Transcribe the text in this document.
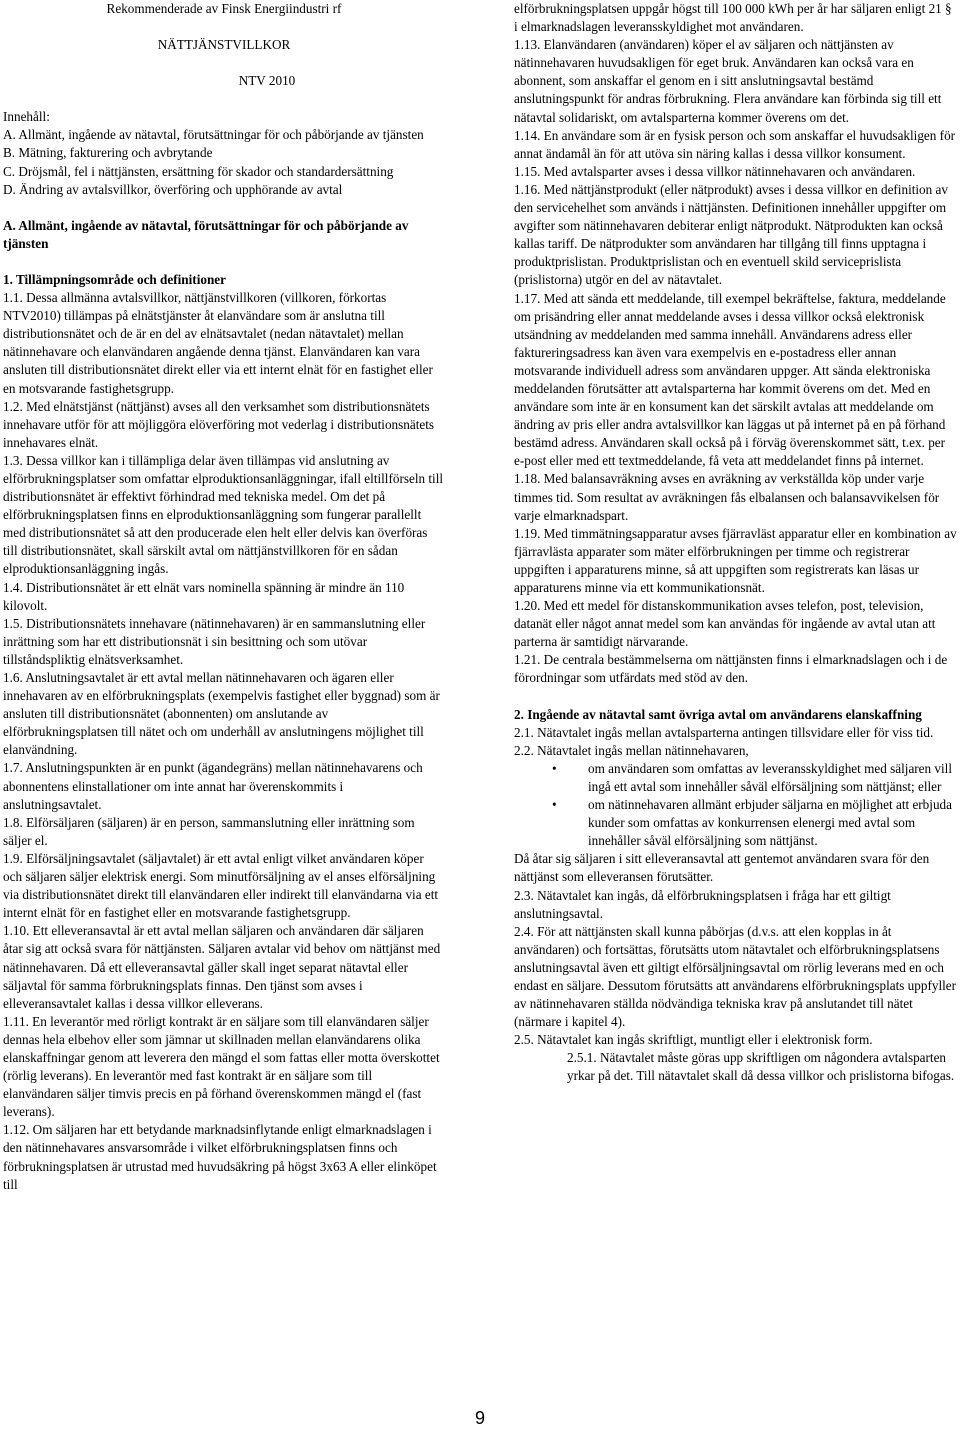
Rekommenderade av Finsk Energiindustri rf

NÄTTJÄNSTVILLKOR

NTV 2010

Innehåll:

A. Allmänt, ingående av nätavtal, förutsättningar för och påbörjande av tjänsten

B. Mätning, fakturering och avbrytande

C. Dröjsmål, fel i nättjänsten, ersättning för skador och standardersättning

D. Ändring av avtalsvillkor, överföring och upphörande av avtal

A. Allmänt, ingående av nätavtal, förutsättningar för och påbörjande av tjänsten

1. Tillämpningsområde och definitioner

1.1. Dessa allmänna avtalsvillkor, nättjänstvillkoren (villkoren, förkortas NTV2010) tillämpas på elnätstjänster åt elanvändare som är anslutna till distributionsnätet och de är en del av elnätsavtalet (nedan nätavtalet) mellan nätinnehavare och elanvändaren angående denna tjänst. Elanvändaren kan vara ansluten till distributionsnätet direkt eller via ett internt elnät för en fastighet eller en motsvarande fastighetsgrupp.

1.2. Med elnätstjänst (nättjänst) avses all den verksamhet som distributionsnätets innehavare utför för att möjliggöra elöverföring mot vederlag i distributionsnätets innehavares elnät.

1.3. Dessa villkor kan i tillämpliga delar även tillämpas vid anslutning av elförbrukningsplatser som omfattar elproduktionsanläggningar, ifall eltillförseln till distributionsnätet är effektivt förhindrad med tekniska medel. Om det på elförbrukningsplatsen finns en elproduktionsanläggning som fungerar parallellt med distributionsnätet så att den producerade elen helt eller delvis kan överföras till distributionsnätet, skall särskilt avtal om nättjänstvillkoren för en sådan elproduktionsanläggning ingås.

1.4. Distributionsnätet är ett elnät vars nominella spänning är mindre än 110 kilovolt.

1.5. Distributionsnätets innehavare (nätinnehavaren) är en sammanslutning eller inrättning som har ett distributionsnät i sin besittning och som utövar tillståndspliktig elnätsverksamhet.

1.6. Anslutningsavtalet är ett avtal mellan nätinnehavaren och ägaren eller innehavaren av en elförbrukningsplats (exempelvis fastighet eller byggnad) som är ansluten till distributionsnätet (abonnenten) om anslutande av elförbrukningsplatsen till nätet och om underhåll av anslutningens möjlighet till elanvändning.

1.7. Anslutningspunkten är en punkt (ägandegräns) mellan nätinnehavarens och abonnentens elinstallationer om inte annat har överenskommits i anslutningsavtalet.

1.8. Elförsäljaren (säljaren) är en person, sammanslutning eller inrättning som säljer el.

1.9. Elförsäljningsavtalet (säljavtalet) är ett avtal enligt vilket användaren köper och säljaren säljer elektrisk energi. Som minutförsäljning av el anses elförsäljning via distributionsnätet direkt till elanvändaren eller indirekt till elanvändarna via ett internt elnät för en fastighet eller en motsvarande fastighetsgrupp.

1.10. Ett elleveransavtal är ett avtal mellan säljaren och användaren där säljaren åtar sig att också svara för nättjänsten. Säljaren avtalar vid behov om nättjänst med nätinnehavaren. Då ett elleveransavtal gäller skall inget separat nätavtal eller säljavtal för samma förbrukningsplats finnas. Den tjänst som avses i elleveransavtalet kallas i dessa villkor elleverans.

1.11. En leverantör med rörligt kontrakt är en säljare som till elanvändaren säljer dennas hela elbehov eller som jämnar ut skillnaden mellan elanvändarens olika elanskaffningar genom att leverera den mängd el som fattas eller motta överskottet (rörlig leverans). En leverantör med fast kontrakt är en säljare som till elanvändaren säljer timvis precis en på förhand överenskommen mängd el (fast leverans).

1.12. Om säljaren har ett betydande marknadsinflytande enligt elmarknadslagen i den nätinnehavares ansvarsområde i vilket elförbrukningsplatsen finns och förbrukningsplatsen är utrustad med huvudsäkring på högst 3x63 A eller elinköpet till

elförbrukningsplatsen uppgår högst till 100 000 kWh per år har säljaren enligt 21 § i elmarknadslagen leveransskyldighet mot användaren.

1.13. Elanvändaren (användaren) köper el av säljaren och nättjänsten av nätinnehavaren huvudsakligen för eget bruk. Användaren kan också vara en abonnent, som anskaffar el genom en i sitt anslutningsavtal bestämd anslutningspunkt för andras förbrukning. Flera användare kan förbinda sig till ett nätavtal solidariskt, om avtalsparterna kommer överens om det.

1.14. En användare som är en fysisk person och som anskaffar el huvudsakligen för annat ändamål än för att utöva sin näring kallas i dessa villkor konsument.

1.15. Med avtalsparter avses i dessa villkor nätinnehavaren och användaren.

1.16. Med nättjänstprodukt (eller nätprodukt) avses i dessa villkor en definition av den servicehelhet som används i nättjänsten. Definitionen innehåller uppgifter om avgifter som nätinnehavaren debiterar enligt nätprodukt. Nätprodukten kan också kallas tariff. De nätprodukter som användaren har tillgång till finns upptagna i produktprislistan. Produktprislistan och en eventuell skild serviceprislista (prislistorna) utgör en del av nätavtalet.

1.17. Med att sända ett meddelande, till exempel bekräftelse, faktura, meddelande om prisändring eller annat meddelande avses i dessa villkor också elektronisk utsändning av meddelanden med samma innehåll. Användarens adress eller faktureringsadress kan även vara exempelvis en e-postadress eller annan motsvarande individuell adress som användaren uppger. Att sända elektroniska meddelanden förutsätter att avtalsparterna har kommit överens om det. Med en användare som inte är en konsument kan det särskilt avtalas att meddelande om ändring av pris eller andra avtalsvillkor kan läggas ut på internet på en på förhand bestämd adress. Användaren skall också på i förväg överenskommet sätt, t.ex. per e-post eller med ett textmeddelande, få veta att meddelandet finns på internet.

1.18. Med balansavräkning avses en avräkning av verkställda köp under varje timmes tid. Som resultat av avräkningen fås elbalansen och balansavvikelsen för varje elmarknadspart.

1.19. Med timmätningsapparatur avses fjärravläst apparatur eller en kombination av fjärravlästa apparater som mäter elförbrukningen per timme och registrerar uppgiften i apparaturens minne, så att uppgiften som registrerats kan läsas ur apparaturens minne via ett kommunikationsnät.

1.20. Med ett medel för distanskommunikation avses telefon, post, television, datanät eller något annat medel som kan användas för ingående av avtal utan att parterna är samtidigt närvarande.

1.21. De centrala bestämmelserna om nättjänsten finns i elmarknadslagen och i de förordningar som utfärdats med stöd av den.

2. Ingående av nätavtal samt övriga avtal om användarens elanskaffning

2.1. Nätavtalet ingås mellan avtalsparterna antingen tillsvidare eller för viss tid.

2.2. Nätavtalet ingås mellan nätinnehavaren,

• om användaren som omfattas av leveransskyldighet med säljaren vill ingå ett avtal som innehåller såväl elförsäljning som nättjänst; eller
• om nätinnehavaren allmänt erbjuder säljarna en möjlighet att erbjuda kunder som omfattas av konkurrensen elenergi med avtal som innehåller såväl elförsäljning som nättjänst.

Då åtar sig säljaren i sitt elleveransavtal att gentemot användaren svara för den nättjänst som elleveransen förutsätter.

2.3. Nätavtalet kan ingås, då elförbrukningsplatsen i fråga har ett giltigt anslutningsavtal.

2.4. För att nättjänsten skall kunna påbörjas (d.v.s. att elen kopplas in åt användaren) och fortsättas, förutsätts utom nätavtalet och elförbrukningsplatsens anslutningsavtal även ett giltigt elförsäljningsavtal om rörlig leverans med en och endast en säljare. Dessutom förutsätts att användarens elförbrukningsplats uppfyller av nätinnehavaren ställda nödvändiga tekniska krav på anslutandet till nätet (närmare i kapitel 4).

2.5. Nätavtalet kan ingås skriftligt, muntligt eller i elektronisk form.

2.5.1. Nätavtalet måste göras upp skriftligen om någondera avtalsparten yrkar på det. Till nätavtalet skall då dessa villkor och prislistorna bifogas.

9
